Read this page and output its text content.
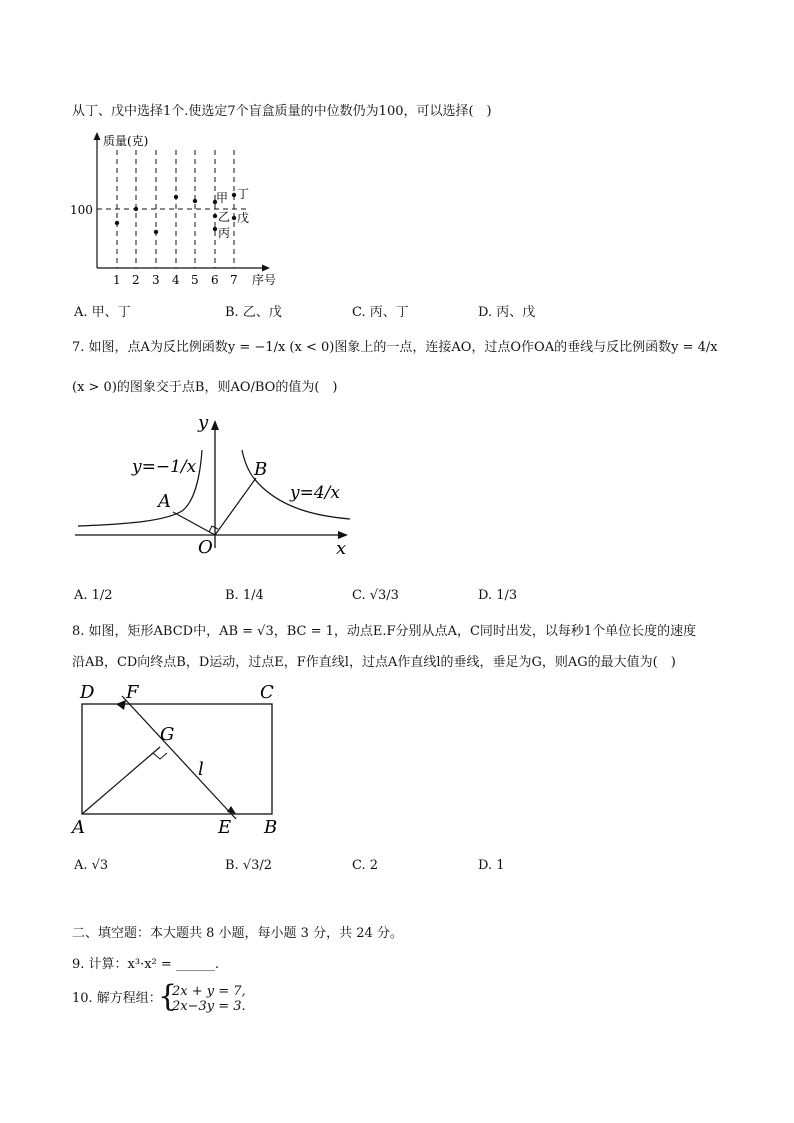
从丁、戊中选择1个.使选定7个盲盒质量的中位数仍为100，可以选择(　)
质量(克)
序号
100
1 2 3 4 5 6 7
甲 丁
乙 戊
丙
A. 甲、丁	B. 乙、戊	C. 丙、丁	D. 丙、戊
7. 如图，点A为反比例函数y = −1/x (x < 0)图象上的一点，连接AO，过点O作OA的垂线与反比例函数y = 4/x
(x > 0)的图象交于点B，则AO/BO的值为(　)
y
x
O
A
B
y=−1/x
y=4/x
A. 1/2	B. 1/4	C. √3/3	D. 1/3
8. 如图，矩形ABCD中，AB = √3，BC = 1，动点E.F分别从点A，C同时出发，以每秒1个单位长度的速度
沿AB，CD向终点B，D运动，过点E，F作直线l，过点A作直线l的垂线，垂足为G，则AG的最大值为(　)
D F	C
G
l
A	E B
A. √3	B. √3/2	C. 2	D. 1
二、填空题：本大题共 8 小题，每小题 3 分，共 24 分。
9. 计算：x³·x² = ______.
10. 解方程组：
{
2x + y = 7,
2x−3y = 3.
